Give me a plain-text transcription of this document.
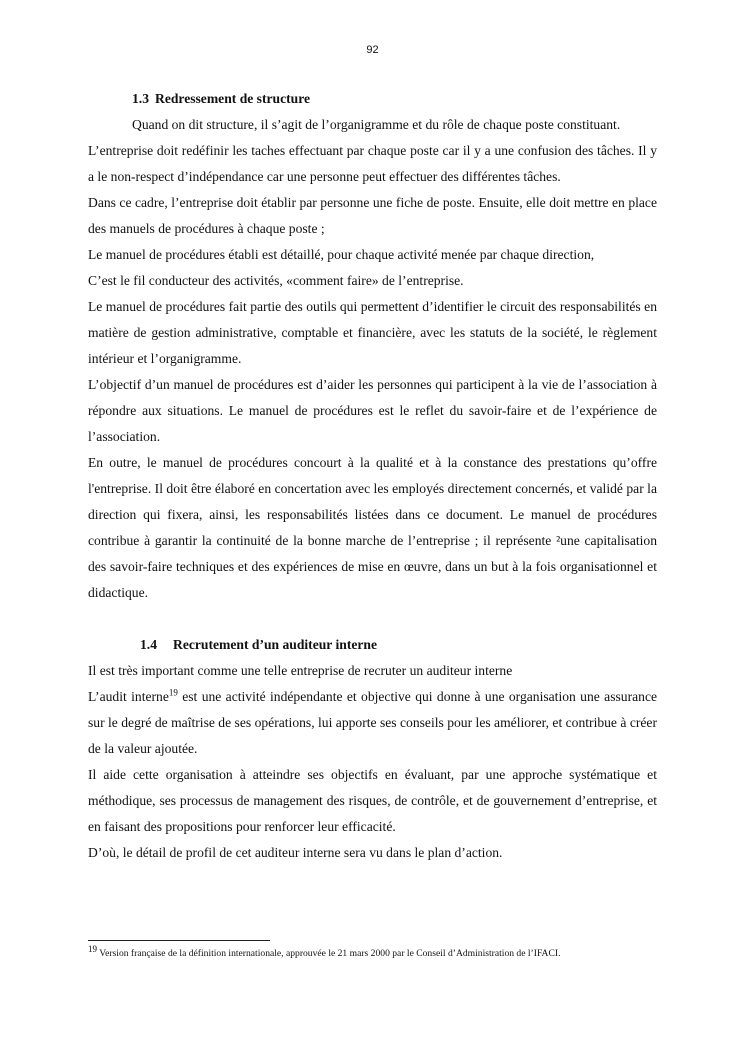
92
1.3 Redressement de structure

Quand on dit structure, il s’agit de l’organigramme et du rôle de chaque poste constituant.

L’entreprise doit redéfinir les taches effectuant par chaque poste car il y a une confusion des tâches. Il y a le non-respect d’indépendance car une personne peut effectuer des différentes tâches.

Dans ce cadre, l’entreprise doit établir par personne une fiche de poste. Ensuite, elle doit mettre en place des manuels de procédures à chaque poste ;

Le manuel de procédures établi est détaillé, pour chaque activité menée par chaque direction,

C’est le fil conducteur des activités, «comment faire» de l’entreprise.

Le manuel de procédures fait partie des outils qui permettent d’identifier le circuit des responsabilités en matière de gestion administrative, comptable et financière, avec les statuts de la société, le règlement intérieur et l’organigramme.

L’objectif d’un manuel de procédures est d’aider les personnes qui participent à la vie de l’association à répondre aux situations. Le manuel de procédures est le reflet du savoir-faire et de l’expérience de l’association.

En outre, le manuel de procédures concourt à la qualité et à la constance des prestations qu’offre l'entreprise. Il doit être élaboré en concertation avec les employés directement concernés, et validé par la direction qui fixera, ainsi, les responsabilités listées dans ce document. Le manuel de procédures contribue à garantir la continuité de la bonne marche de l’entreprise ; il représente ²une capitalisation des savoir-faire techniques et des expériences de mise en œuvre, dans un but à la fois organisationnel et didactique.

1.4 Recrutement d’un auditeur interne

Il est très important comme une telle entreprise de recruter un auditeur interne

L’audit interne$^{19}$ est une activité indépendante et objective qui donne à une organisation une assurance sur le degré de maîtrise de ses opérations, lui apporte ses conseils pour les améliorer, et contribue à créer de la valeur ajoutée.

Il aide cette organisation à atteindre ses objectifs en évaluant, par une approche systématique et méthodique, ses processus de management des risques, de contrôle, et de gouvernement d’entreprise, et en faisant des propositions pour renforcer leur efficacité.

D’où, le détail de profil de cet auditeur interne sera vu dans le plan d’action.

$^{19}$ Version française de la définition internationale, approuvée le 21 mars 2000 par le Conseil d’Administration de l’IFACI.
